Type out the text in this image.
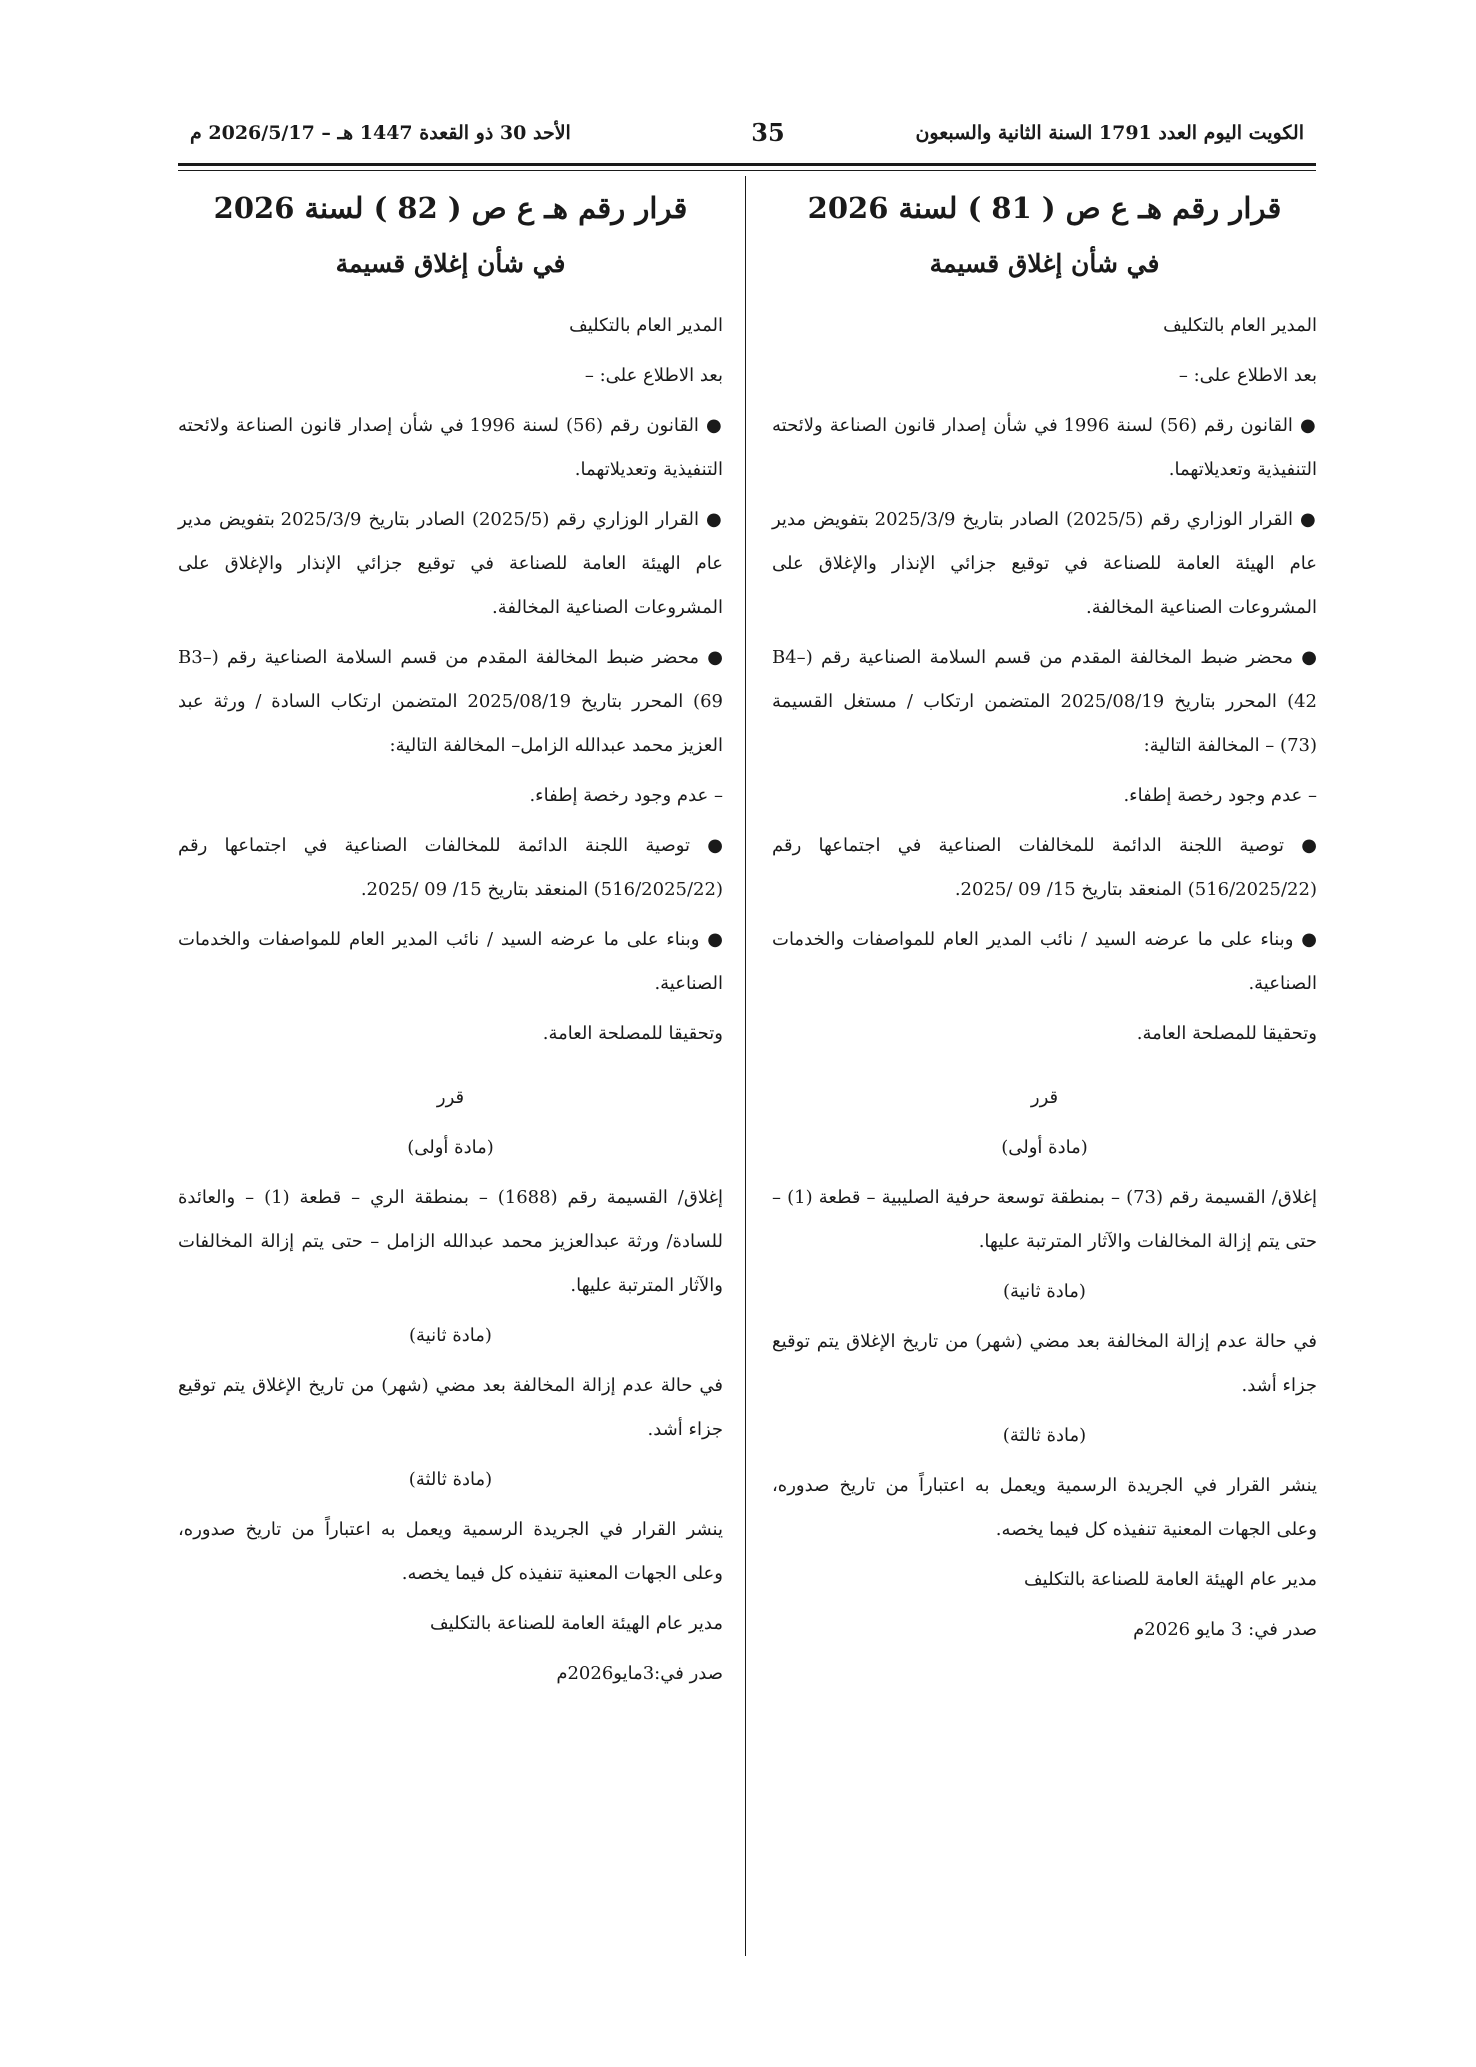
الأحد 30 ذو القعدة 1447 هـ – 2026/5/17 م	35	الكويت اليوم العدد 1791 السنة الثانية والسبعون
قرار رقم هـ ع ص ( 81 ) لسنة 2026
في شأن إغلاق قسيمة
المدير العام بالتكليف
بعد الاطلاع على: –
● القانون رقم (56) لسنة 1996 في شأن إصدار قانون الصناعة ولائحته التنفيذية وتعديلاتهما.
● القرار الوزاري رقم (2025/5) الصادر بتاريخ 2025/3/9 بتفويض مدير عام الهيئة العامة للصناعة في توقيع جزائي الإنذار والإغلاق على المشروعات الصناعية المخالفة.
● محضر ضبط المخالفة المقدم من قسم السلامة الصناعية رقم (B4–42) المحرر بتاريخ 2025/08/19 المتضمن ارتكاب / مستغل القسيمة (73) – المخالفة التالية:
– عدم وجود رخصة إطفاء.
● توصية اللجنة الدائمة للمخالفات الصناعية في اجتماعها رقم (516/2025/22) المنعقد بتاريخ 15/ 09 /2025.
● وبناء على ما عرضه السيد / نائب المدير العام للمواصفات والخدمات الصناعية.
وتحقيقا للمصلحة العامة.
قرر
(مادة أولى)
إغلاق/ القسيمة رقم (73) – بمنطقة توسعة حرفية الصليبية – قطعة (1) – حتى يتم إزالة المخالفات والآثار المترتبة عليها.
(مادة ثانية)
في حالة عدم إزالة المخالفة بعد مضي (شهر) من تاريخ الإغلاق يتم توقيع جزاء أشد.
(مادة ثالثة)
ينشر القرار في الجريدة الرسمية ويعمل به اعتباراً من تاريخ صدوره، وعلى الجهات المعنية تنفيذه كل فيما يخصه.
مدير عام الهيئة العامة للصناعة بالتكليف
صدر في: 3 مايو 2026م
قرار رقم هـ ع ص ( 82 ) لسنة 2026
في شأن إغلاق قسيمة
المدير العام بالتكليف
بعد الاطلاع على: –
● القانون رقم (56) لسنة 1996 في شأن إصدار قانون الصناعة ولائحته التنفيذية وتعديلاتهما.
● القرار الوزاري رقم (2025/5) الصادر بتاريخ 2025/3/9 بتفويض مدير عام الهيئة العامة للصناعة في توقيع جزائي الإنذار والإغلاق على المشروعات الصناعية المخالفة.
● محضر ضبط المخالفة المقدم من قسم السلامة الصناعية رقم (B3–69) المحرر بتاريخ 2025/08/19 المتضمن ارتكاب السادة / ورثة عبد العزيز محمد عبدالله الزامل– المخالفة التالية:
– عدم وجود رخصة إطفاء.
● توصية اللجنة الدائمة للمخالفات الصناعية في اجتماعها رقم (516/2025/22) المنعقد بتاريخ 15/ 09 /2025.
● وبناء على ما عرضه السيد / نائب المدير العام للمواصفات والخدمات الصناعية.
وتحقيقا للمصلحة العامة.
قرر
(مادة أولى)
إغلاق/ القسيمة رقم (1688) – بمنطقة الري – قطعة (1) – والعائدة للسادة/ ورثة عبدالعزيز محمد عبدالله الزامل – حتى يتم إزالة المخالفات والآثار المترتبة عليها.
(مادة ثانية)
في حالة عدم إزالة المخالفة بعد مضي (شهر) من تاريخ الإغلاق يتم توقيع جزاء أشد.
(مادة ثالثة)
ينشر القرار في الجريدة الرسمية ويعمل به اعتباراً من تاريخ صدوره، وعلى الجهات المعنية تنفيذه كل فيما يخصه.
مدير عام الهيئة العامة للصناعة بالتكليف
صدر في:3مايو2026م
